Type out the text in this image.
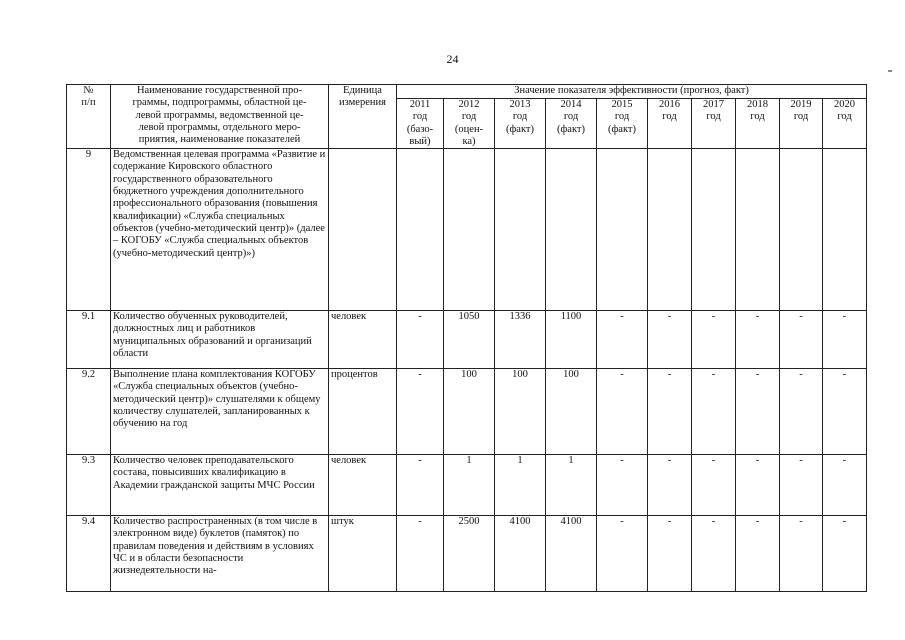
24
№
п/п	Наименование государственной про-
граммы, подпрограммы, областной це-
левой программы, ведомственной це-
левой программы, отдельного меро-
приятия, наименование показателей	Единица
измерения	Значение показателя эффективности (прогноз, факт)									
			2011
год
(базо-
вый)	2012
год
(оцен-
ка)	2013
год
(факт)	2014
год
(факт)	2015
год
(факт)	2016
год	2017
год	2018
год	2019
год	2020
год
9	Ведомственная целевая программа «Развитие и содержание Кировского областного государственного образовательного бюджетного учреждения дополнительного профессионального образования (повышения квалификации) «Служба специальных объектов (учебно-методический центр)» (далее – КОГОБУ «Служба специальных объектов (учебно-методический центр)»)											
9.1	Количество обученных руководителей, должностных лиц и работников муниципальных образований и организаций области	человек	-	1050	1336	1100	-	-	-	-	-	-
9.2	Выполнение плана комплектования КОГОБУ «Служба специальных объектов (учебно-методический центр)» слушателями к общему количеству слушателей, запланированных к обучению на год	процентов	-	100	100	100	-	-	-	-	-	-
9.3	Количество человек преподавательского состава, повысивших квалификацию в Академии гражданской защиты МЧС России	человек	-	1	1	1	-	-	-	-	-	-
9.4	Количество распространенных (в том числе в электронном виде) буклетов (памяток) по правилам поведения и действиям в условиях ЧС и в области безопасности жизнедеятельности на-	штук	-	2500	4100	4100	-	-	-	-	-	-
